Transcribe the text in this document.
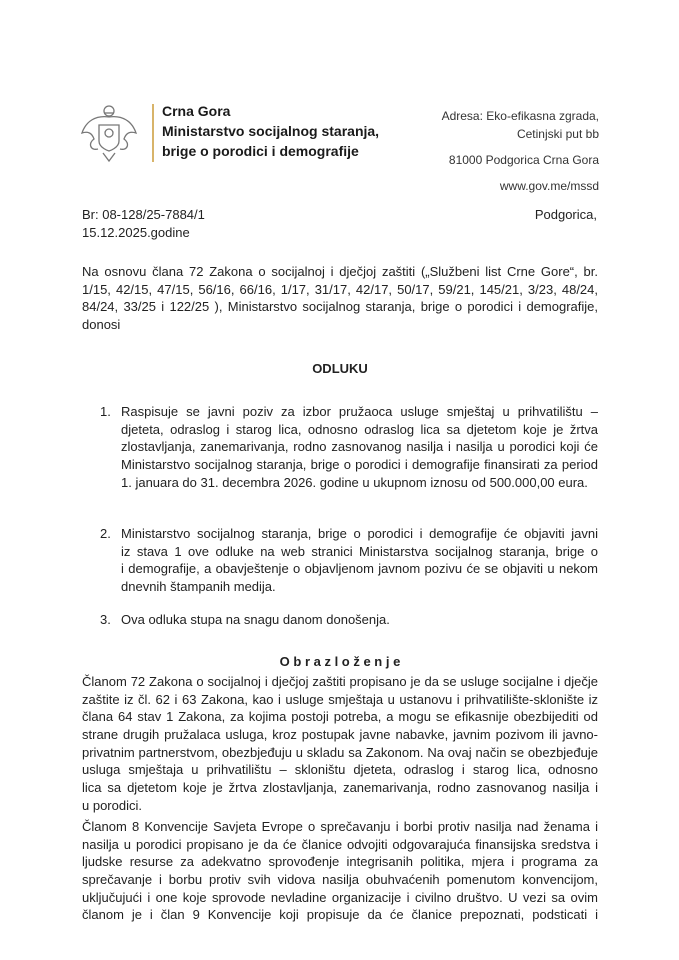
Crna Gora
Ministarstvo socijalnog staranja,
brige o porodici i demografije
Adresa: Eko-efikasna zgrada,
Cetinjski put bb
81000 Podgorica Crna Gora
www.gov.me/mssd
Br: 08-128/25-7884/1
15.12.2025.godine
Podgorica,
Na osnovu člana 72 Zakona o socijalnoj i dječjoj zaštiti („Službeni list Crne Gore“, br.
1/15, 42/15, 47/15, 56/16, 66/16, 1/17, 31/17, 42/17, 50/17, 59/21, 145/21, 3/23, 48/24,
84/24, 33/25 i 122/25 ), Ministarstvo socijalnog staranja, brige o porodici i demografije,
donosi
ODLUKU
1. Raspisuje se javni poziv za izbor pružaoca usluge smještaj u prihvatilištu –
djeteta, odraslog i starog lica, odnosno odraslog lica sa djetetom koje je žrtva
zlostavljanja, zanemarivanja, rodno zasnovanog nasilja i nasilja u porodici koji će
Ministarstvo socijalnog staranja, brige o porodici i demografije finansirati za period
1. januara do 31. decembra 2026. godine u ukupnom iznosu od 500.000,00 eura.
2. Ministarstvo socijalnog staranja, brige o porodici i demografije će objaviti javni
iz stava 1 ove odluke na web stranici Ministarstva socijalnog staranja, brige o
i demografije, a obavještenje o objavljenom javnom pozivu će se objaviti u nekom
dnevnih štampanih medija.
3. Ova odluka stupa na snagu danom donošenja.
O b r a z l o ž e n j e
Članom 72 Zakona o socijalnoj i dječjoj zaštiti propisano je da se usluge socijalne i dječje
zaštite iz čl. 62 i 63 Zakona, kao i usluge smještaja u ustanovu i prihvatilište-sklonište iz
člana 64 stav 1 Zakona, za kojima postoji potreba, a mogu se efikasnije obezbijediti od
strane drugih pružalaca usluga, kroz postupak javne nabavke, javnim pozivom ili javno-
privatnim partnerstvom, obezbjeđuju u skladu sa Zakonom. Na ovaj način se obezbjeđuje
usluga smještaja u prihvatilištu – skloništu djeteta, odraslog i starog lica, odnosno
lica sa djetetom koje je žrtva zlostavljanja, zanemarivanja, rodno zasnovanog nasilja i
u porodici.
Članom 8 Konvencije Savjeta Evrope o sprečavanju i borbi protiv nasilja nad ženama i
nasilja u porodici propisano je da će članice odvojiti odgovarajuća finansijska sredstva i
ljudske resurse za adekvatno sprovođenje integrisanih politika, mjera i programa za
sprečavanje i borbu protiv svih vidova nasilja obuhvaćenih pomenutom konvencijom,
uključujući i one koje sprovode nevladine organizacije i civilno društvo. U vezi sa ovim
članom je i član 9 Konvencije koji propisuje da će članice prepoznati, podsticati i
